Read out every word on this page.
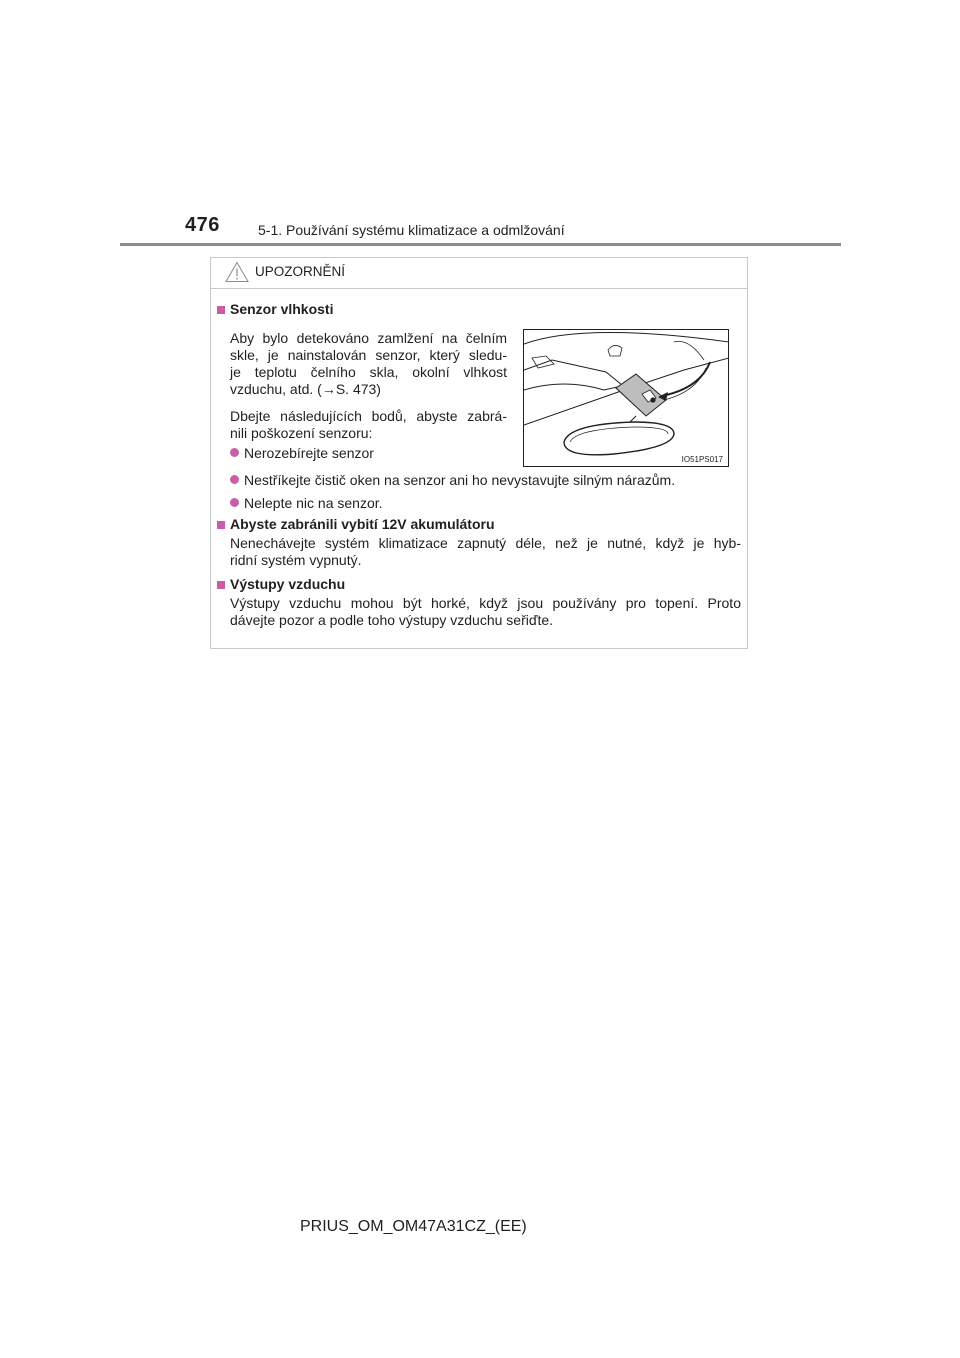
476	5-1. Používání systému klimatizace a odmlžování
UPOZORNĚNÍ
Senzor vlhkosti
Aby bylo detekováno zamlžení na čelním
skle, je nainstalován senzor, který sledu-
je teplotu čelního skla, okolní vlhkost
vzduchu, atd. (→S. 473)
Dbejte následujících bodů, abyste zabrá-
nili poškození senzoru:
Nerozebírejte senzor
Nestříkejte čistič oken na senzor ani ho nevystavujte silným nárazům.
Nelepte nic na senzor.
IO51PS017
Abyste zabránili vybití 12V akumulátoru
Nenechávejte systém klimatizace zapnutý déle, než je nutné, když je hyb-
ridní systém vypnutý.
Výstupy vzduchu
Výstupy vzduchu mohou být horké, když jsou používány pro topení. Proto
dávejte pozor a podle toho výstupy vzduchu seřiďte.
PRIUS_OM_OM47A31CZ_(EE)
